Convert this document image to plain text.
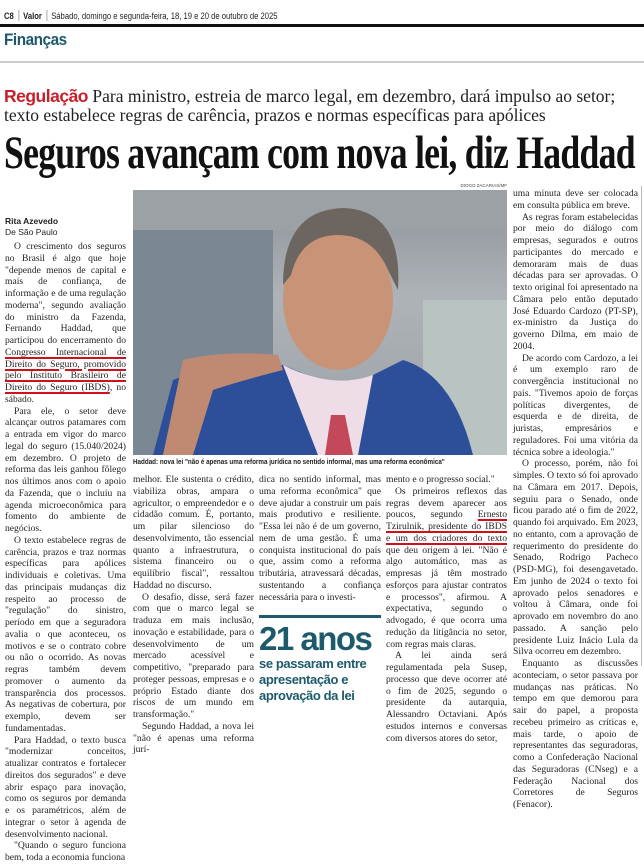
C8 Valor Sábado, domingo e segunda-feira, 18, 19 e 20 de outubro de 2025
Finanças
Regulação Para ministro, estreia de marco legal, em dezembro, dará impulso ao setor; texto estabelece regras de carência, prazos e normas específicas para apólices
Seguros avançam com nova lei, diz Haddad
Rita Azevedo
De São Paulo

O crescimento dos seguros no Brasil é algo que hoje "depende menos de capital e mais de confiança, de informação e de uma regulação moderna", segundo avaliação do ministro da Fazenda, Fernando Haddad, que participou do encerramento do Congresso Internacional de Direito do Seguro, promovido pelo Instituto Brasileiro de Direito do Seguro (IBDS), no sábado.

Para ele, o setor deve alcançar outros patamares com a entrada em vigor do marco legal do seguro (15.040/2024) em dezembro. O projeto de reforma das leis ganhou fôlego nos últimos anos com o apoio da Fazenda, que o incluiu na agenda microeconômica para fomento do ambiente de negócios.

O texto estabelece regras de carência, prazos e traz normas específicas para apólices individuais e coletivas. Uma das principais mudanças diz respeito ao processo de "regulação" do sinistro, período em que a seguradora avalia o que aconteceu, os motivos e se o contrato cobre ou não o ocorrido. As novas regras também devem promover o aumento da transparência dos processos. As negativas de cobertura, por exemplo, devem ser fundamentadas.

Para Haddad, o texto busca "modernizar conceitos, atualizar contratos e fortalecer direitos dos segurados" e deve abrir espaço para inovação, como os seguros por demanda e os paramétricos, além de integrar o setor à agenda de desenvolvimento nacional.

"Quando o seguro funciona bem, toda a economia funciona

DIOGO ZACARIAS/MF
Haddad: nova lei "não é apenas uma reforma jurídica no sentido informal, mas uma reforma econômica"

melhor. Ele sustenta o crédito, viabiliza obras, ampara o agricultor, o empreendedor e o cidadão comum. É, portanto, um pilar silencioso do desenvolvimento, tão essencial quanto a infraestrutura, o sistema financeiro ou o equilíbrio fiscal", ressaltou Haddad no discurso.

O desafio, disse, será fazer com que o marco legal se traduza em mais inclusão, inovação e estabilidade, para o desenvolvimento de um mercado acessível e competitivo, "preparado para proteger pessoas, empresas e o próprio Estado diante dos riscos de um mundo em transformação."

Segundo Haddad, a nova lei "não é apenas uma reforma jurí-

dica no sentido informal, mas uma reforma econômica" que deve ajudar a construir um país mais produtivo e resiliente. "Essa lei não é de um governo, nem de uma gestão. É uma conquista institucional do país que, assim como a reforma tributária, atravessará décadas, sustentando a confiança necessária para o investi-

21 anos
se passaram entre apresentação e aprovação da lei

mento e o progresso social."

Os primeiros reflexos das regras devem aparecer aos poucos, segundo Ernesto Tzirulnik, presidente do IBDS e um dos criadores do texto que deu origem à lei. "Não é algo automático, mas as empresas já têm mostrado esforços para ajustar contratos e processos", afirmou. A expectativa, segundo o advogado, é que ocorra uma redução da litigância no setor, com regras mais claras.

A lei ainda será regulamentada pela Susep, processo que deve ocorrer até o fim de 2025, segundo o presidente da autarquia, Alessandro Octaviani. Após estudos internos e conversas com diversos atores do setor,

uma minuta deve ser colocada em consulta pública em breve.

As regras foram estabelecidas por meio do diálogo com empresas, segurados e outros participantes do mercado e demoraram mais de duas décadas para ser aprovadas. O texto original foi apresentado na Câmara pelo então deputado José Eduardo Cardozo (PT-SP), ex-ministro da Justiça do governo Dilma, em maio de 2004.

De acordo com Cardozo, a lei é um exemplo raro de convergência institucional no país. "Tivemos apoio de forças políticas divergentes, de esquerda e de direita, de juristas, empresários e reguladores. Foi uma vitória da técnica sobre a ideologia."

O processo, porém, não foi simples. O texto só foi aprovado na Câmara em 2017. Depois, seguiu para o Senado, onde ficou parado até o fim de 2022, quando foi arquivado. Em 2023, no entanto, com a aprovação de requerimento do presidente do Senado, Rodrigo Pacheco (PSD-MG), foi desengavetado. Em junho de 2024 o texto foi aprovado pelos senadores e voltou à Câmara, onde foi aprovado em novembro do ano passado. A sanção pelo presidente Luiz Inácio Lula da Silva ocorreu em dezembro.

Enquanto as discussões aconteciam, o setor passava por mudanças nas práticas. No tempo em que demorou para sair do papel, a proposta recebeu primeiro as críticas e, mais tarde, o apoio de representantes das seguradoras, como a Confederação Nacional das Seguradoras (CNseg) e a Federação Nacional dos Corretores de Seguros (Fenacor).
